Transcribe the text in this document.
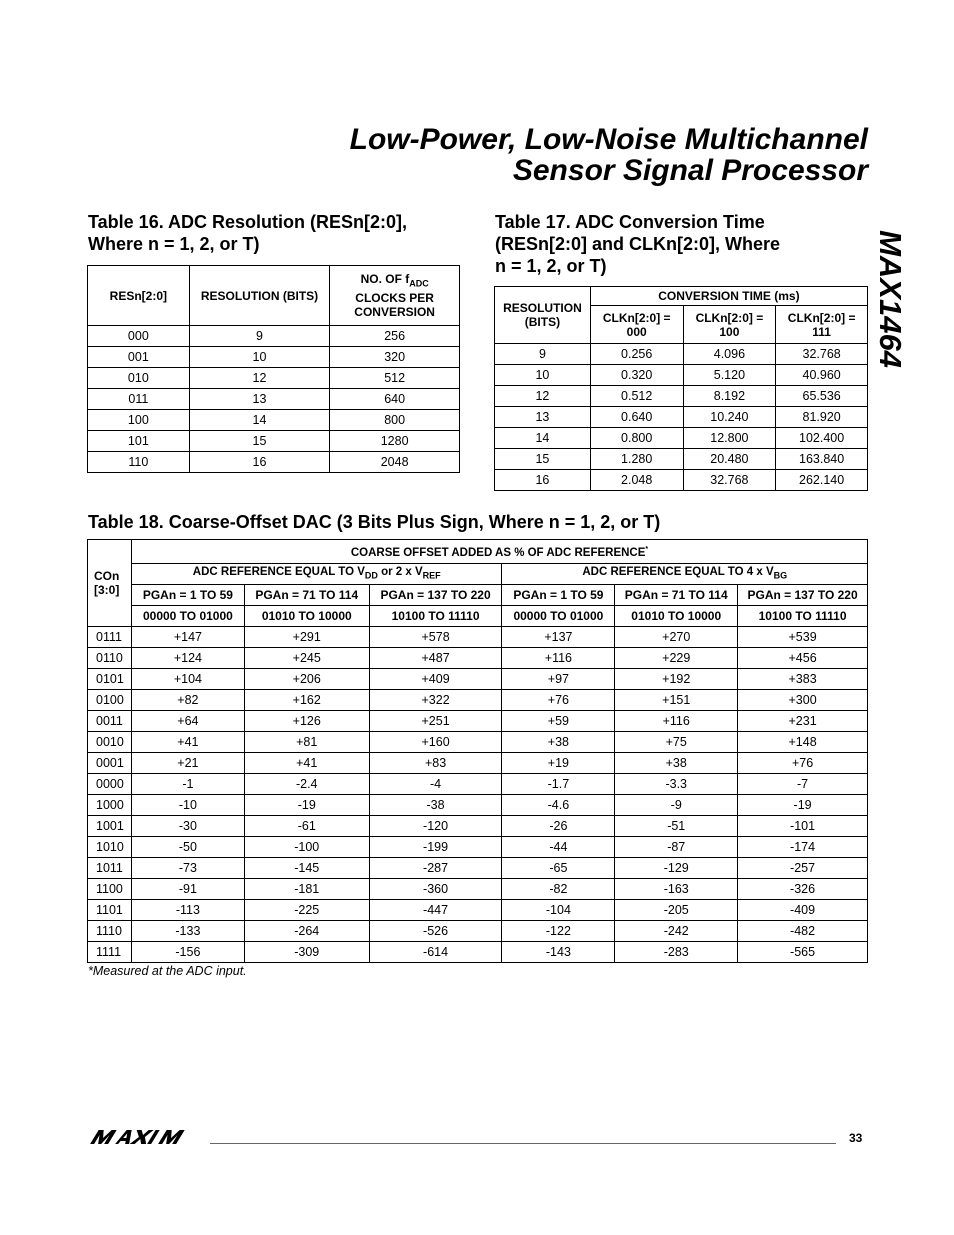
Low-Power, Low-Noise Multichannel
Sensor Signal Processor
MAX1464
Table 16. ADC Resolution (RESn[2:0],
Where n = 1, 2, or T)
RESn[2:0]	RESOLUTION (BITS)	NO. OF $f_{ADC}$
CLOCKS PER CONVERSION
000	9	256
001	10	320
010	12	512
011	13	640
100	14	800
101	15	1280
110	16	2048
Table 17. ADC Conversion Time
(RESn[2:0] and CLKn[2:0], Where
n = 1, 2, or T)
RESOLUTION (BITS)	CONVERSION TIME (ms)		
	CLKn[2:0] = 000	CLKn[2:0] = 100	CLKn[2:0] = 111
9	0.256	4.096	32.768
10	0.320	5.120	40.960
12	0.512	8.192	65.536
13	0.640	10.240	81.920
14	0.800	12.800	102.400
15	1.280	20.480	163.840
16	2.048	32.768	262.140
Table 18. Coarse-Offset DAC (3 Bits Plus Sign, Where n = 1, 2, or T)
COn
[3:0]	COARSE OFFSET ADDED AS % OF ADC REFERENCE*
	ADC REFERENCE EQUAL TO $V_{DD}$ or 2 x $V_{REF}$			ADC REFERENCE EQUAL TO 4 x $V_{BG}$
	PGAn = 1 TO 59	PGAn = 71 TO 114	PGAn = 137 TO 220	PGAn = 1 TO 59	PGAn = 71 TO 114	PGAn = 137 TO 220
	00000 TO 01000	01010 TO 10000	10100 TO 11110	00000 TO 01000	01010 TO 10000	10100 TO 11110
0111	+147	+291	+578	+137	+270	+539
0110	+124	+245	+487	+116	+229	+456
0101	+104	+206	+409	+97	+192	+383
0100	+82	+162	+322	+76	+151	+300
0011	+64	+126	+251	+59	+116	+231
0010	+41	+81	+160	+38	+75	+148
0001	+21	+41	+83	+19	+38	+76
0000	-1	-2.4	-4	-1.7	-3.3	-7
1000	-10	-19	-38	-4.6	-9	-19
1001	-30	-61	-120	-26	-51	-101
1010	-50	-100	-199	-44	-87	-174
1011	-73	-145	-287	-65	-129	-257
1100	-91	-181	-360	-82	-163	-326
1101	-113	-225	-447	-104	-205	-409
1110	-133	-264	-526	-122	-242	-482
1111	-156	-309	-614	-143	-283	-565

*Measured at the ADC input.

33
